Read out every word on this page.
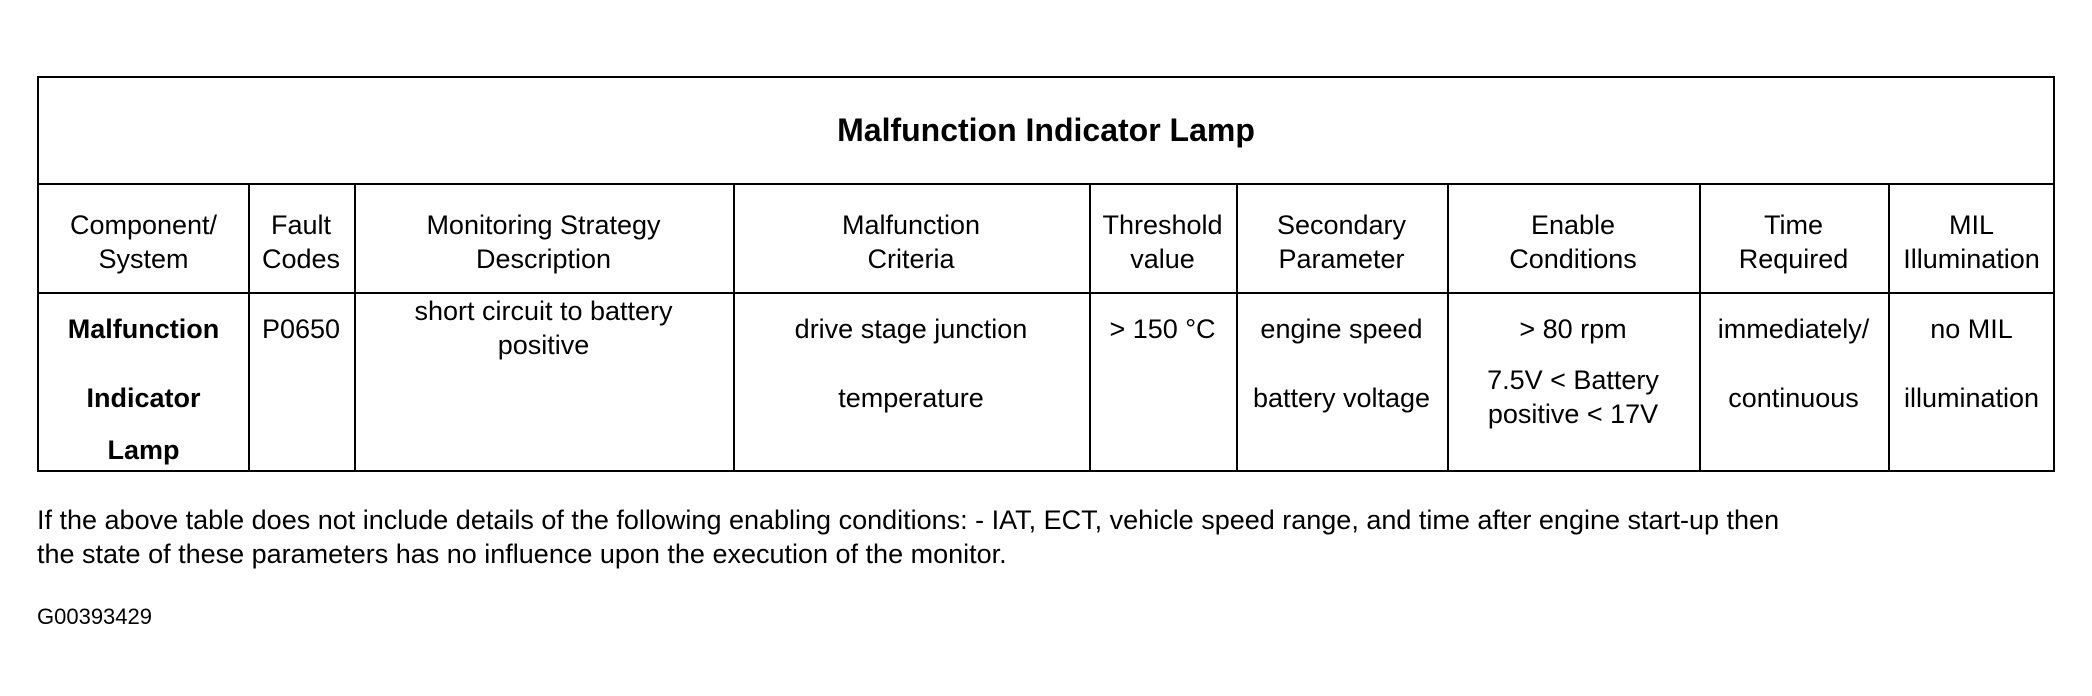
Malfunction Indicator Lamp
Component/
System
Fault
Codes
Monitoring Strategy
Description
Malfunction
Criteria
Threshold
value
Secondary
Parameter
Enable
Conditions
Time
Required
MIL
Illumination
Malfunction
Indicator
Lamp
P0650
short circuit to battery
positive
drive stage junction
temperature
> 150 °C	engine speed
battery voltage
> 80 rpm
7.5V < Battery
positive < 17V
immediately/
continuous
no MIL
illumination
If the above table does not include details of the following enabling conditions: - IAT, ECT, vehicle speed range, and time after engine start-up then
the state of these parameters has no influence upon the execution of the monitor.
G00393429
